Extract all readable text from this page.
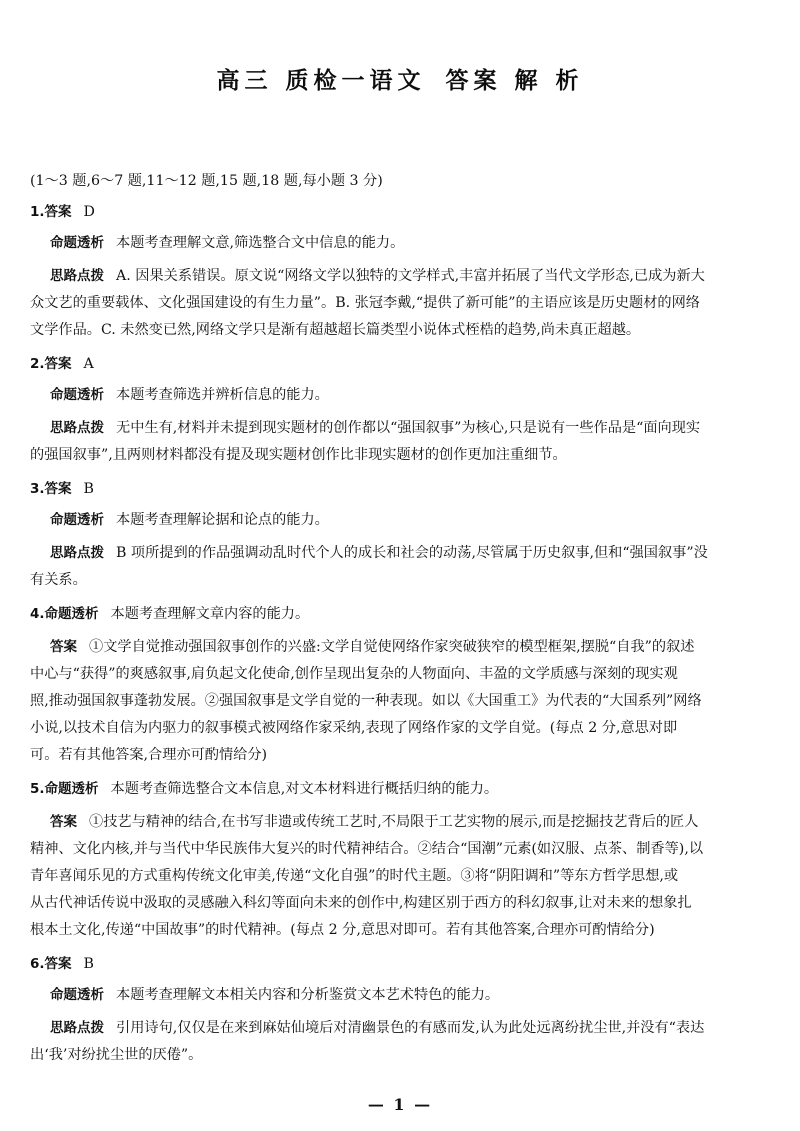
高三 质检一语文 答案 解 析
(1～3 题,6～7 题,11～12 题,15 题,18 题,每小题 3 分)
1.答案 D
命题透析 本题考查理解文意,筛选整合文中信息的能力。
思路点拨 A. 因果关系错误。原文说“网络文学以独特的文学样式,丰富并拓展了当代文学形态,已成为新大
众文艺的重要载体、文化强国建设的有生力量”。B. 张冠李戴,“提供了新可能”的主语应该是历史题材的网络
文学作品。C. 未然变已然,网络文学只是渐有超越超长篇类型小说体式桎梏的趋势,尚未真正超越。
2.答案 A
命题透析 本题考查筛选并辨析信息的能力。
思路点拨 无中生有,材料并未提到现实题材的创作都以“强国叙事”为核心,只是说有一些作品是“面向现实
的强国叙事”,且两则材料都没有提及现实题材创作比非现实题材的创作更加注重细节。
3.答案 B
命题透析 本题考查理解论据和论点的能力。
思路点拨 B 项所提到的作品强调动乱时代个人的成长和社会的动荡,尽管属于历史叙事,但和“强国叙事”没
有关系。
4.命题透析 本题考查理解文章内容的能力。
答案 ①文学自觉推动强国叙事创作的兴盛:文学自觉使网络作家突破狭窄的模型框架,摆脱“自我”的叙述
中心与“获得”的爽感叙事,肩负起文化使命,创作呈现出复杂的人物面向、丰盈的文学质感与深刻的现实观
照,推动强国叙事蓬勃发展。②强国叙事是文学自觉的一种表现。如以《大国重工》为代表的“大国系列”网络
小说,以技术自信为内驱力的叙事模式被网络作家采纳,表现了网络作家的文学自觉。(每点 2 分,意思对即
可。若有其他答案,合理亦可酌情给分)
5.命题透析 本题考查筛选整合文本信息,对文本材料进行概括归纳的能力。
答案 ①技艺与精神的结合,在书写非遗或传统工艺时,不局限于工艺实物的展示,而是挖掘技艺背后的匠人
精神、文化内核,并与当代中华民族伟大复兴的时代精神结合。②结合“国潮”元素(如汉服、点茶、制香等),以
青年喜闻乐见的方式重构传统文化审美,传递“文化自强”的时代主题。③将“阴阳调和”等东方哲学思想,或
从古代神话传说中汲取的灵感融入科幻等面向未来的创作中,构建区别于西方的科幻叙事,让对未来的想象扎
根本土文化,传递“中国故事”的时代精神。(每点 2 分,意思对即可。若有其他答案,合理亦可酌情给分)
6.答案 B
命题透析 本题考查理解文本相关内容和分析鉴赏文本艺术特色的能力。
思路点拨 引用诗句,仅仅是在来到麻姑仙境后对清幽景色的有感而发,认为此处远离纷扰尘世,并没有“表达
出‘我’对纷扰尘世的厌倦”。
— 1 —
